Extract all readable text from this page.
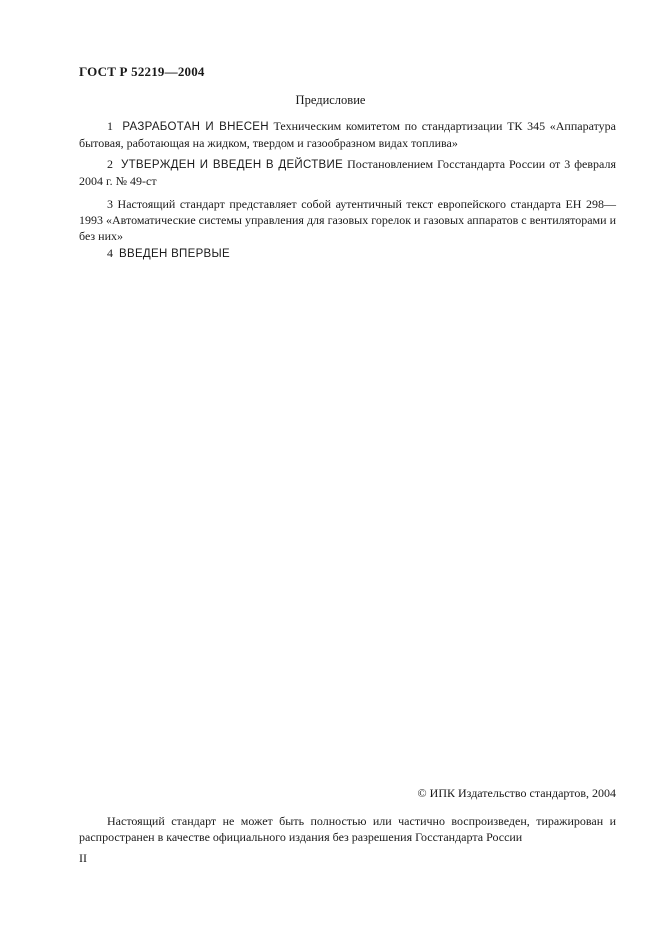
ГОСТ Р 52219—2004
Предисловие
1 РАЗРАБОТАН И ВНЕСЕН Техническим комитетом по стандартизации ТК 345 «Аппаратура бытовая, работающая на жидком, твердом и газообразном видах топлива»
2 УТВЕРЖДЕН И ВВЕДЕН В ДЕЙСТВИЕ Постановлением Госстандарта России от 3 февраля 2004 г. № 49-ст
3 Настоящий стандарт представляет собой аутентичный текст европейского стандарта ЕН 298—1993 «Автоматические системы управления для газовых горелок и газовых аппаратов с вентиляторами и без них»
4 ВВЕДЕН ВПЕРВЫЕ
© ИПК Издательство стандартов, 2004
Настоящий стандарт не может быть полностью или частично воспроизведен, тиражирован и распространен в качестве официального издания без разрешения Госстандарта России
II
